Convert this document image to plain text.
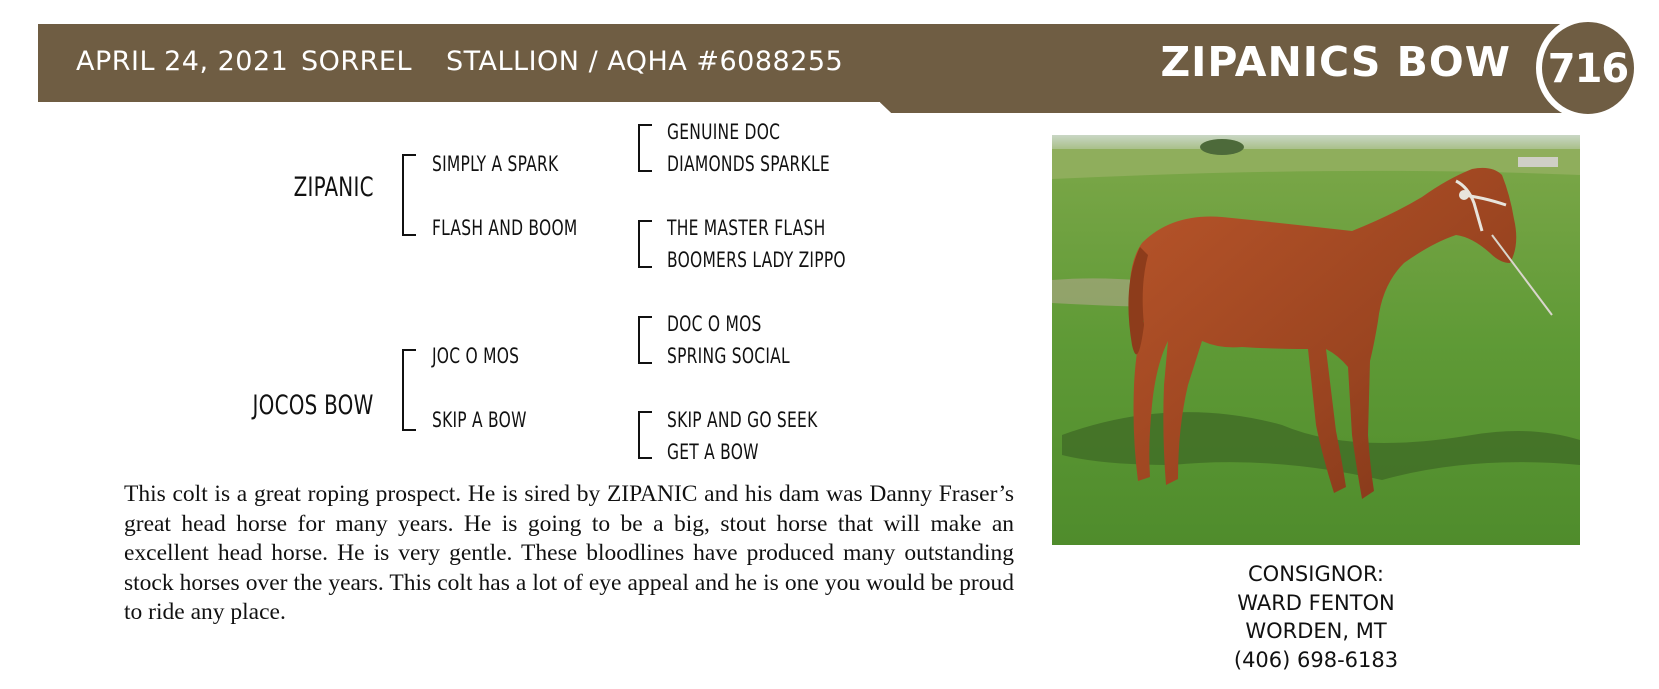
APRIL 24, 2021 SORREL STALLION / AQHA #6088255	ZIPANICS BOW 716
ZIPANIC
SIMPLY A SPARK
FLASH AND BOOM
GENUINE DOC
DIAMONDS SPARKLE
THE MASTER FLASH
BOOMERS LADY ZIPPO
JOCOS BOW
JOC O MOS
SKIP A BOW
DOC O MOS
SPRING SOCIAL
SKIP AND GO SEEK
GET A BOW
This colt is a great roping prospect. He is sired by ZIPANIC and his dam was Danny Fraser’s great head horse for many years. He is going to be a big, stout horse that will make an excellent head horse. He is very gentle. These bloodlines have produced many outstanding stock horses over the years. This colt has a lot of eye appeal and he is one you would be proud to ride any place.
CONSIGNOR:
WARD FENTON
WORDEN, MT
(406) 698-6183
